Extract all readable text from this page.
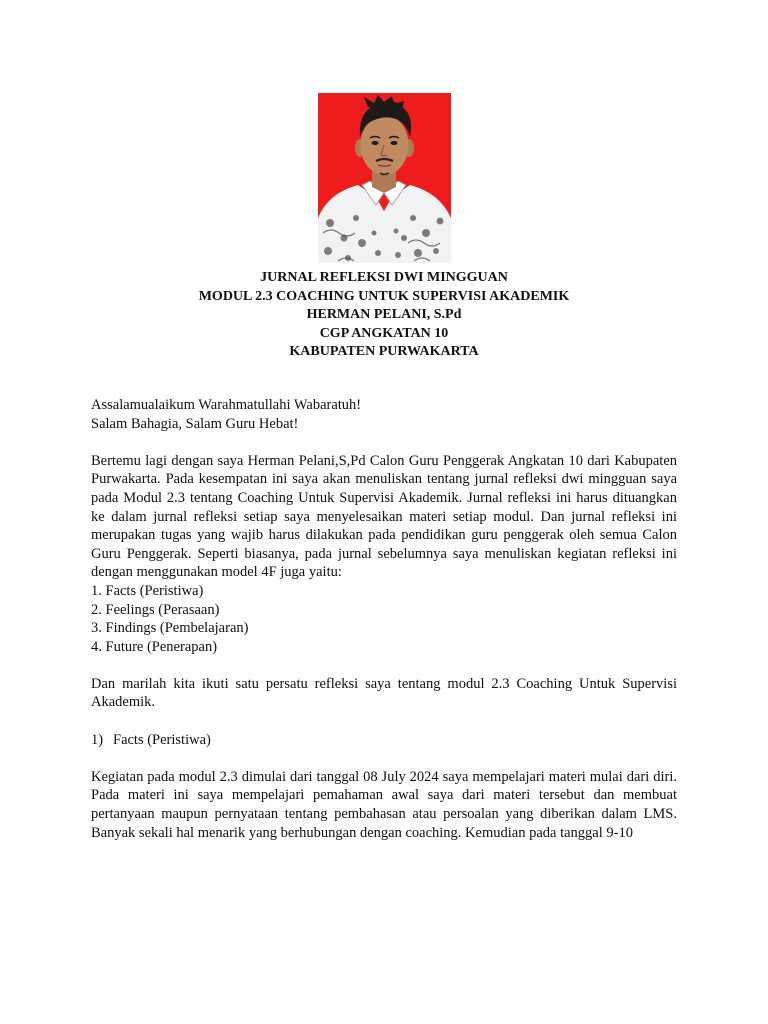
JURNAL REFLEKSI DWI MINGGUAN
MODUL 2.3 COACHING UNTUK SUPERVISI AKADEMIK
HERMAN PELANI, S.Pd
CGP ANGKATAN 10
KABUPATEN PURWAKARTA

Assalamualaikum Warahmatullahi Wabaratuh!

Salam Bahagia, Salam Guru Hebat!

Bertemu lagi dengan saya Herman Pelani,S,Pd Calon Guru Penggerak Angkatan 10 dari Kabupaten Purwakarta. Pada kesempatan ini saya akan menuliskan tentang jurnal refleksi dwi mingguan saya pada Modul 2.3 tentang Coaching Untuk Supervisi Akademik. Jurnal refleksi ini harus dituangkan ke dalam jurnal refleksi setiap saya menyelesaikan materi setiap modul. Dan jurnal refleksi ini merupakan tugas yang wajib harus dilakukan pada pendidikan guru penggerak oleh semua Calon Guru Penggerak. Seperti biasanya, pada jurnal sebelumnya saya menuliskan kegiatan refleksi ini dengan menggunakan model 4F juga yaitu:

1. Facts (Peristiwa)
2. Feelings (Perasaan)
3. Findings (Pembelajaran)
4. Future (Penerapan)

Dan marilah kita ikuti satu persatu refleksi saya tentang modul 2.3 Coaching Untuk Supervisi Akademik.

1) Facts (Peristiwa)

Kegiatan pada modul 2.3 dimulai dari tanggal 08 July 2024 saya mempelajari materi mulai dari diri. Pada materi ini saya mempelajari pemahaman awal saya dari materi tersebut dan membuat pertanyaan maupun pernyataan tentang pembahasan atau persoalan yang diberikan dalam LMS. Banyak sekali hal menarik yang berhubungan dengan coaching. Kemudian pada tanggal 9-10
